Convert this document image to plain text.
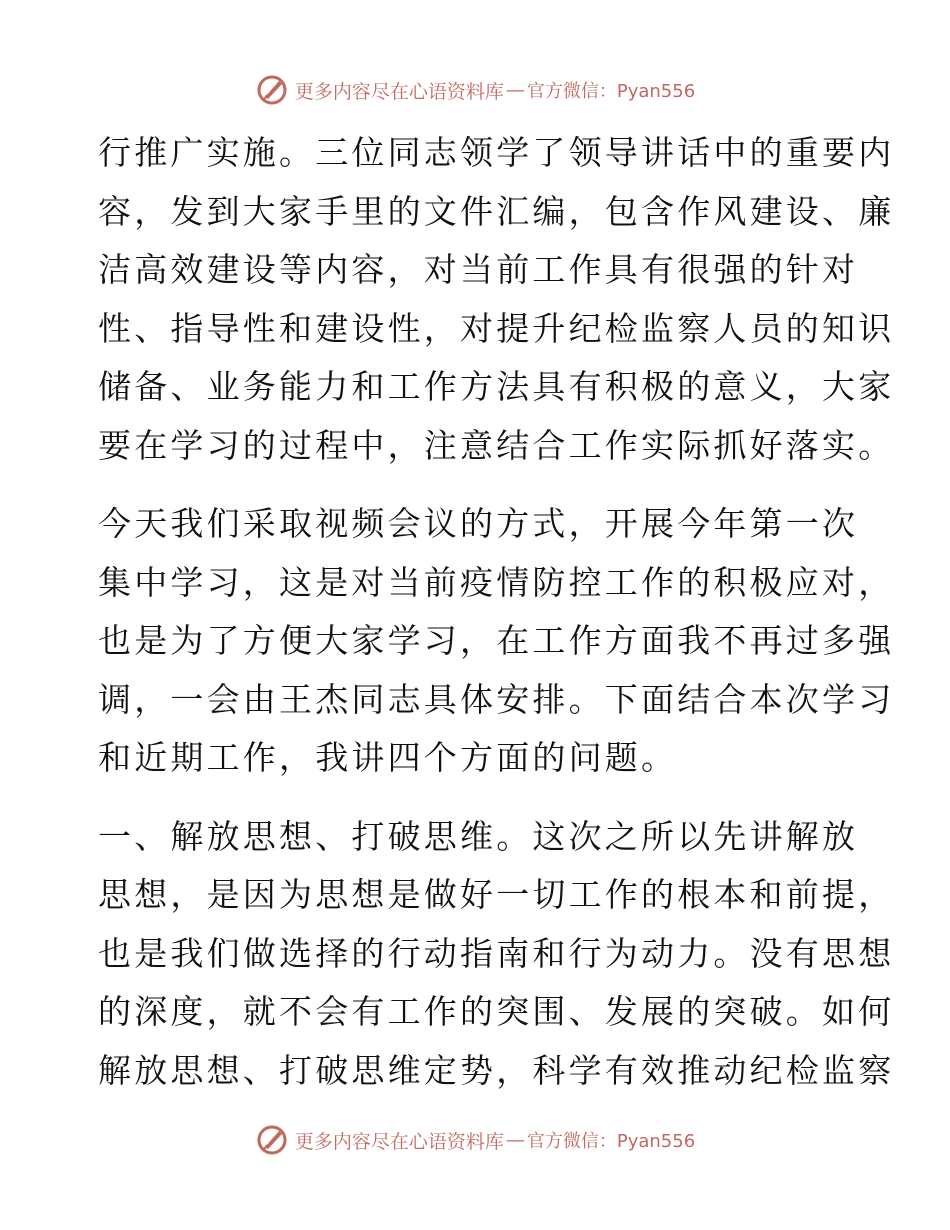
更多内容尽在心语资料库 — 官方微信：Pyan556

行推广实施。三位同志领学了领导讲话中的重要内
容，发到大家手里的文件汇编，包含作风建设、廉
洁高效建设等内容，对当前工作具有很强的针对
性、指导性和建设性，对提升纪检监察人员的知识
储备、业务能力和工作方法具有积极的意义，大家
要在学习的过程中，注意结合工作实际抓好落实。

今天我们采取视频会议的方式，开展今年第一次
集中学习，这是对当前疫情防控工作的积极应对，
也是为了方便大家学习，在工作方面我不再过多强
调，一会由王杰同志具体安排。下面结合本次学习
和近期工作，我讲四个方面的问题。

一、解放思想、打破思维。这次之所以先讲解放
思想，是因为思想是做好一切工作的根本和前提，
也是我们做选择的行动指南和行为动力。没有思想
的深度，就不会有工作的突围、发展的突破。如何
解放思想、打破思维定势，科学有效推动纪检监察

更多内容尽在心语资料库 — 官方微信：Pyan556
